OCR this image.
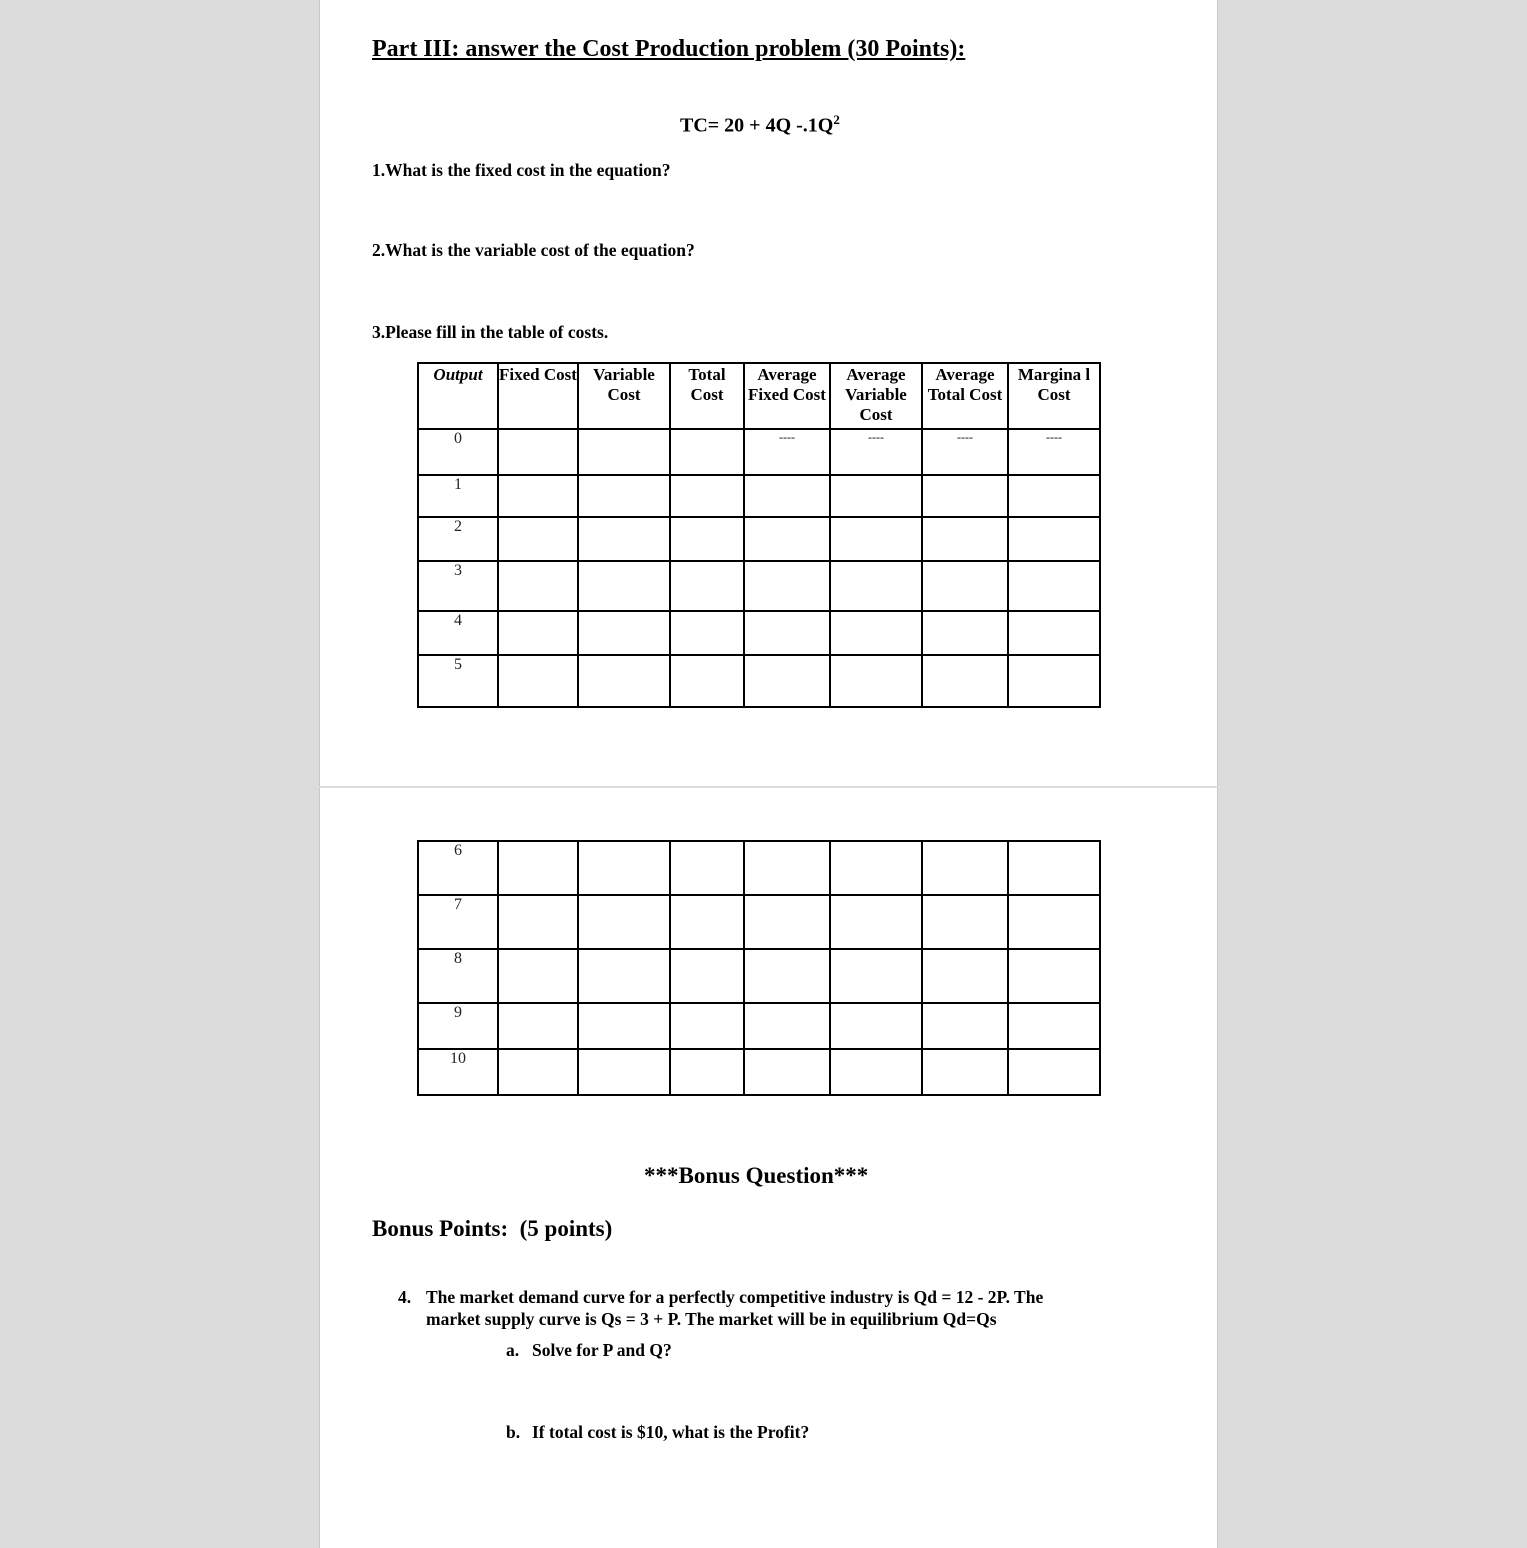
Part III: answer the Cost Production problem (30 Points):
TC= 20 + 4Q $-.1Q^2$
1.What is the fixed cost in the equation?
2.What is the variable cost of the equation?
3.Please fill in the table of costs.
Output	Fixed Cost	Variable Cost	Total Cost	Average Fixed Cost	Average Variable Cost	Average Total Cost	Margina l Cost
0				----	----	----	----
1							
2							
3							
4							
5							
6							
7							
8							
9							
10							
***Bonus Question***
Bonus Points: (5 points)
4. The market demand curve for a perfectly competitive industry is Qd = 12 - 2P. The
market supply curve is Qs = 3 + P. The market will be in equilibrium Qd=Qs
a. Solve for P and Q?
b. If total cost is $10, what is the Profit?
